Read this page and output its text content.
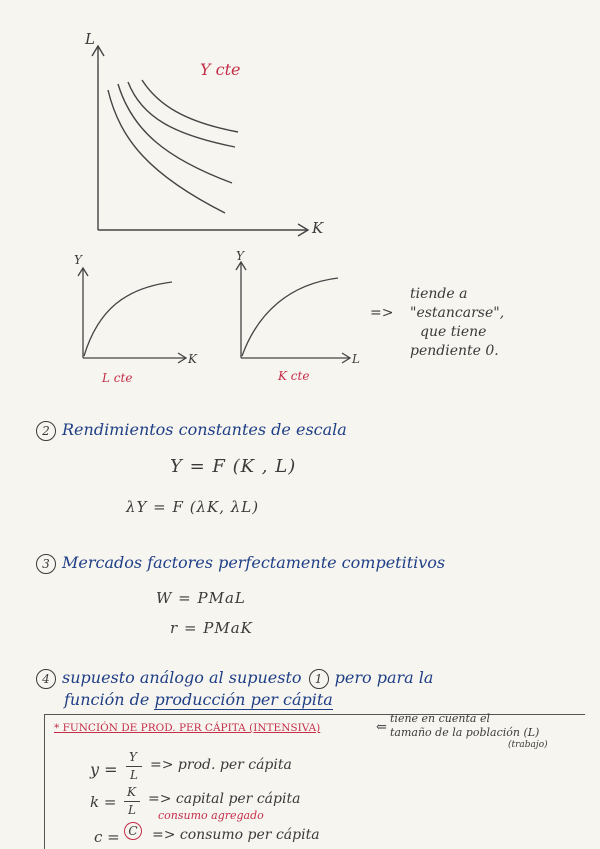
L
K
Y cte
Y
K
L cte
Y
L
K cte
=>
tiende a
"estancarse",
que tiene
pendiente 0.
2 Rendimientos constantes de escala
Y = F (K , L)
λY = F (λK, λL)
3 Mercados factores perfectamente competitivos
W = PMaL
r = PMaK
4 supuesto análogo al supuesto 1 pero para la
función de producción per cápita
* FUNCIÓN DE PROD. PER CÁPITA (INTENSIVA)	⇐
tiene en cuenta el
tamaño de la población (L)
(trabajo)
y =
Y
L
=> prod. per cápita
k =
K
L
=> capital per cápita
consumo agregado
c = C	=> consumo per cápita
